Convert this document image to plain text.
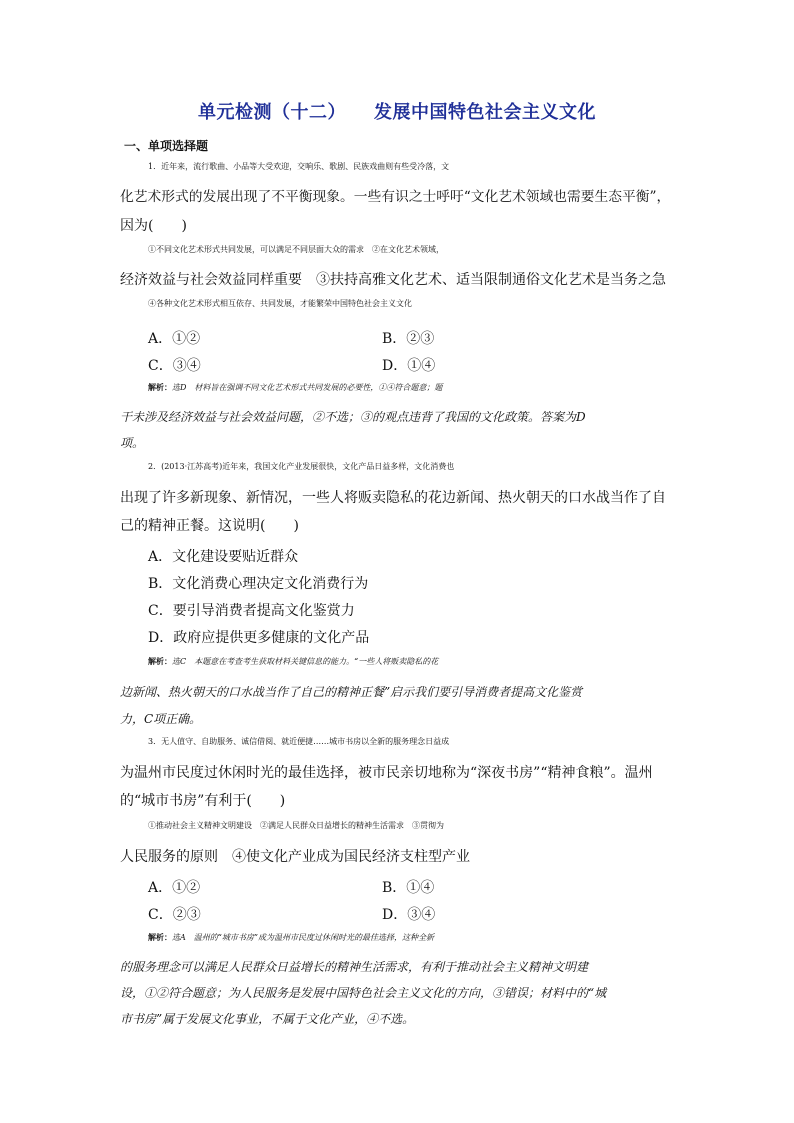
单元检测（十二） 发展中国特色社会主义文化
一、单项选择题
1．近年来，流行歌曲、小品等大受欢迎，交响乐、歌剧、民族戏曲则有些受冷落，文
化艺术形式的发展出现了不平衡现象。一些有识之士呼吁“文化艺术领域也需要生态平衡”，
因为(　　)
①不同文化艺术形式共同发展，可以满足不同层面大众的需求　②在文化艺术领域，
经济效益与社会效益同样重要　③扶持高雅文化艺术、适当限制通俗文化艺术是当务之急
④各种文化艺术形式相互依存、共同发展，才能繁荣中国特色社会主义文化
A．①②	B．②③
C．③④	D．①④
解析：选D　材料旨在强调不同文化艺术形式共同发展的必要性，①④符合题意；题
干未涉及经济效益与社会效益问题，②不选；③的观点违背了我国的文化政策。答案为D
项。
2．(2013·江苏高考)近年来，我国文化产业发展很快，文化产品日益多样，文化消费也
出现了许多新现象、新情况，一些人将贩卖隐私的花边新闻、热火朝天的口水战当作了自
己的精神正餐。这说明(　　)
A．文化建设要贴近群众
B．文化消费心理决定文化消费行为
C．要引导消费者提高文化鉴赏力
D．政府应提供更多健康的文化产品
解析：选C　本题意在考查考生获取材料关键信息的能力。“一些人将贩卖隐私的花
边新闻、热火朝天的口水战当作了自己的精神正餐”启示我们要引导消费者提高文化鉴赏
力，C项正确。
3．无人值守、自助服务、诚信借阅、就近便捷……城市书房以全新的服务理念日益成
为温州市民度过休闲时光的最佳选择，被市民亲切地称为“深夜书房”“精神食粮”。温州
的“城市书房”有利于(　　)
①推动社会主义精神文明建设　②满足人民群众日益增长的精神生活需求　③贯彻为
人民服务的原则　④使文化产业成为国民经济支柱型产业
A．①②	B．①④
C．②③	D．③④
解析：选A　温州的“城市书房”成为温州市民度过休闲时光的最佳选择，这种全新
的服务理念可以满足人民群众日益增长的精神生活需求，有利于推动社会主义精神文明建
设，①②符合题意；为人民服务是发展中国特色社会主义文化的方向，③错误；材料中的“城
市书房”属于发展文化事业，不属于文化产业，④不选。
